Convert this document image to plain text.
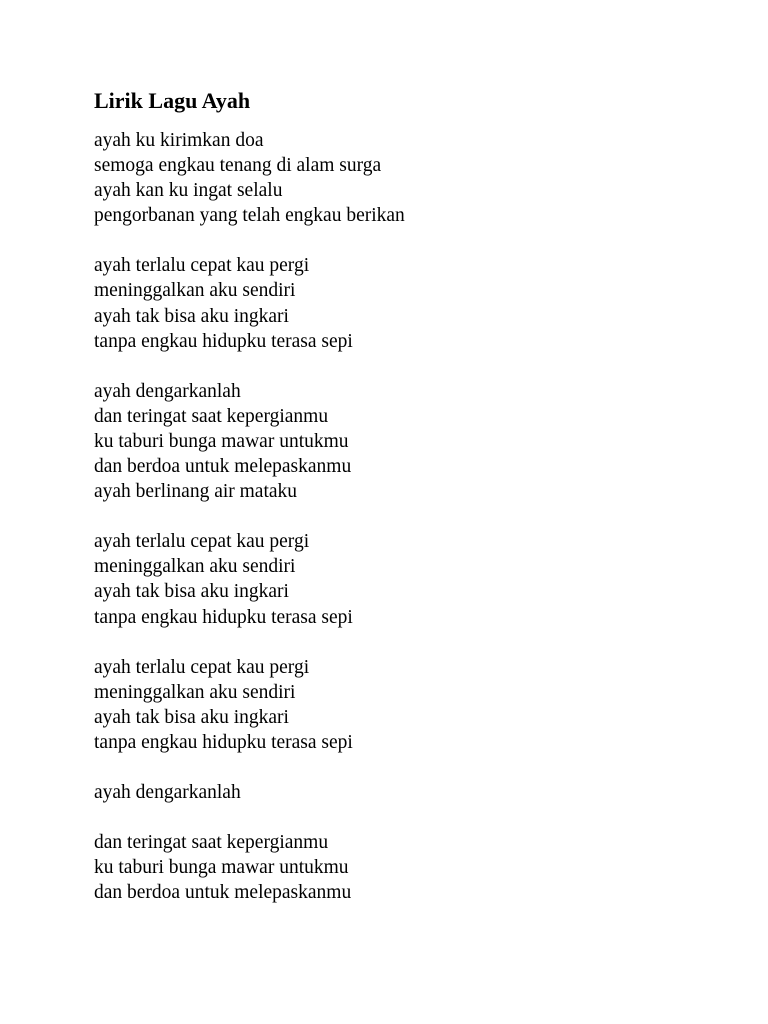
Lirik Lagu Ayah
ayah ku kirimkan doa
semoga engkau tenang di alam surga
ayah kan ku ingat selalu
pengorbanan yang telah engkau berikan
ayah terlalu cepat kau pergi
meninggalkan aku sendiri
ayah tak bisa aku ingkari
tanpa engkau hidupku terasa sepi
ayah dengarkanlah
dan teringat saat kepergianmu
ku taburi bunga mawar untukmu
dan berdoa untuk melepaskanmu
ayah berlinang air mataku
ayah terlalu cepat kau pergi
meninggalkan aku sendiri
ayah tak bisa aku ingkari
tanpa engkau hidupku terasa sepi
ayah terlalu cepat kau pergi
meninggalkan aku sendiri
ayah tak bisa aku ingkari
tanpa engkau hidupku terasa sepi
ayah dengarkanlah
dan teringat saat kepergianmu
ku taburi bunga mawar untukmu
dan berdoa untuk melepaskanmu
